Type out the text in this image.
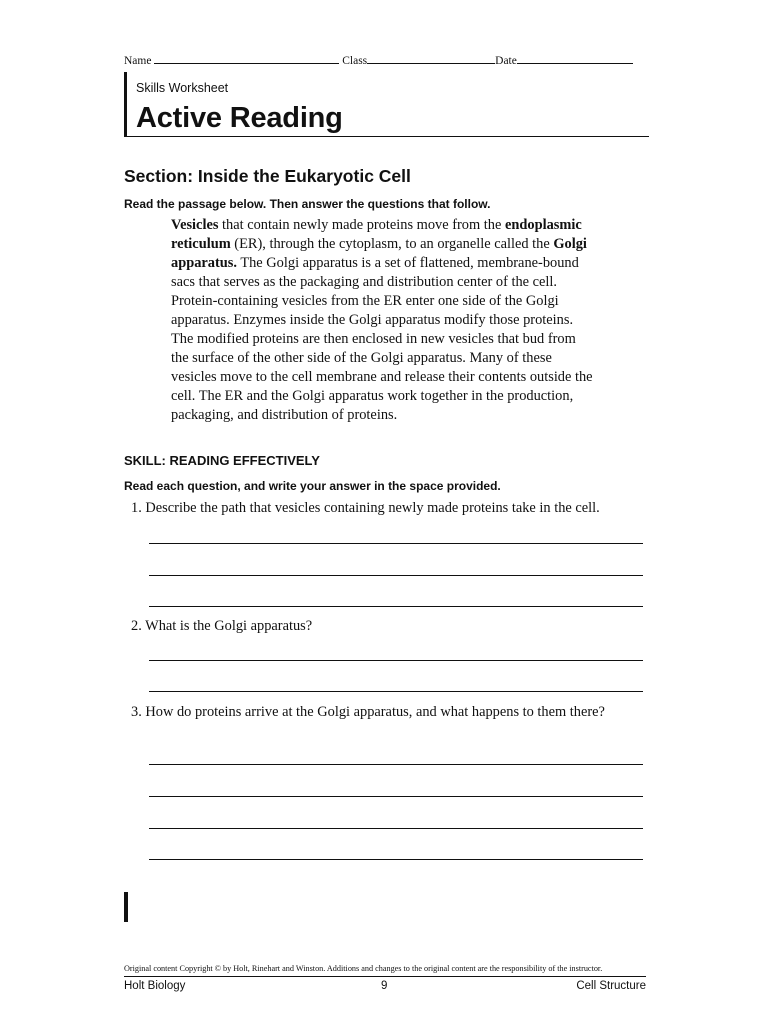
Name	Class	Date
Skills Worksheet
Active Reading
Section: Inside the Eukaryotic Cell
Read the passage below. Then answer the questions that follow.
Vesicles that contain newly made proteins move from the endoplasmic reticulum (ER), through the cytoplasm, to an organelle called the Golgi apparatus. The Golgi apparatus is a set of flattened, membrane-bound sacs that serves as the packaging and distribution center of the cell. Protein-containing vesicles from the ER enter one side of the Golgi apparatus. Enzymes inside the Golgi apparatus modify those proteins. The modified proteins are then enclosed in new vesicles that bud from the surface of the other side of the Golgi apparatus. Many of these vesicles move to the cell membrane and release their contents outside the cell. The ER and the Golgi apparatus work together in the production, packaging, and distribution of proteins.
SKILL: READING EFFECTIVELY
Read each question, and write your answer in the space provided.
1. Describe the path that vesicles containing newly made proteins take in the cell.
2. What is the Golgi apparatus?
3. How do proteins arrive at the Golgi apparatus, and what happens to them there?
Original content Copyright © by Holt, Rinehart and Winston. Additions and changes to the original content are the responsibility of the instructor.
Holt Biology	9	Cell Structure
